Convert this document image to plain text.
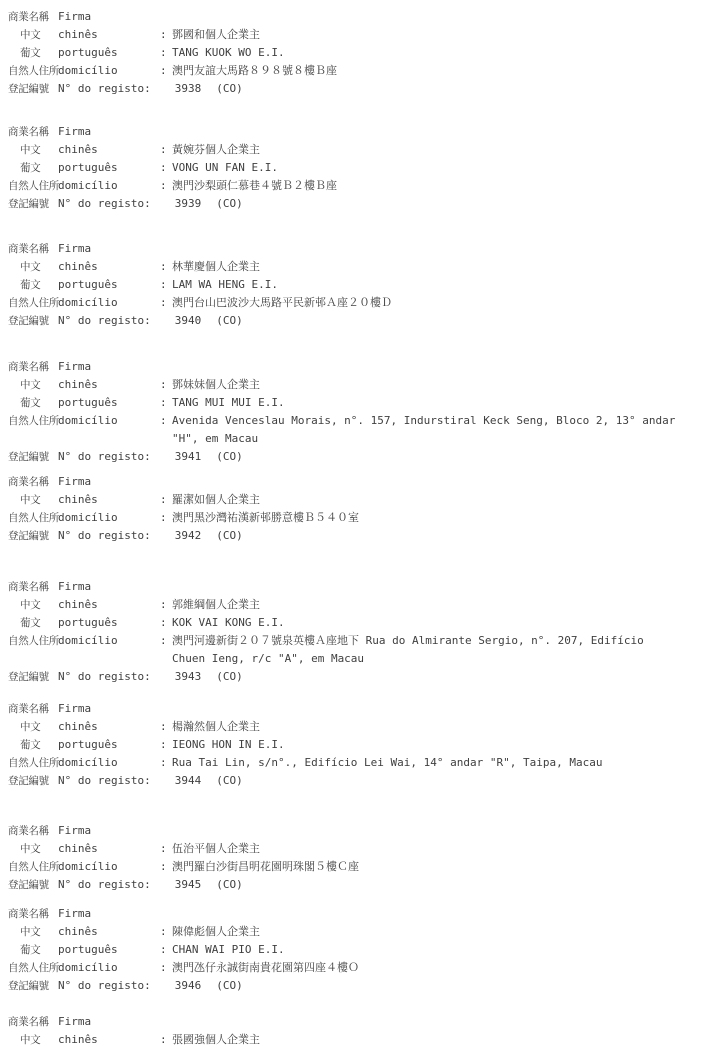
商業名稱 Firma
中文	chinês	: 鄧國和個人企業主
葡文	português	: TANG KUOK WO E.I.
自然人住所 domicílio	: 澳門友誼大馬路８９８號８樓Ｂ座
登記編號 N° do registo: 3938 (CO)
商業名稱 Firma
中文	chinês	: 黃婉芬個人企業主
葡文	português	: VONG UN FAN E.I.
自然人住所 domicílio	: 澳門沙梨頭仁慕巷４號Ｂ２樓Ｂ座
登記編號 N° do registo: 3939 (CO)
商業名稱 Firma
中文	chinês	: 林華慶個人企業主
葡文	português	: LAM WA HENG E.I.
自然人住所 domicílio	: 澳門台山巴波沙大馬路平民新邨Ａ座２０樓Ｄ
登記編號 N° do registo: 3940 (CO)
商業名稱 Firma
中文	chinês	: 鄧妹妹個人企業主
葡文	português	: TANG MUI MUI E.I.
自然人住所 domicílio	: Avenida Venceslau Morais, n°. 157, Indurstiral Keck Seng, Bloco 2, 13° andar
"H", em Macau
登記編號 N° do registo: 3941 (CO)
商業名稱 Firma
中文	chinês	: 羅潔如個人企業主
自然人住所 domicílio	: 澳門黑沙灣祐漢新邨勝意樓Ｂ５４０室
登記編號 N° do registo: 3942 (CO)
商業名稱 Firma
中文	chinês	: 郭維綱個人企業主
葡文	português	: KOK VAI KONG E.I.
自然人住所 domicílio	: 澳門河邊新街２０７號泉英樓Ａ座地下 Rua do Almirante Sergio, n°. 207, Edifício
Chuen Ieng, r/c "A", em Macau
登記編號 N° do registo: 3943 (CO)
商業名稱 Firma
中文	chinês	: 楊瀚然個人企業主
葡文	português	: IEONG HON IN E.I.
自然人住所 domicílio	: Rua Tai Lin, s/n°., Edifício Lei Wai, 14° andar "R", Taipa, Macau
登記編號 N° do registo: 3944 (CO)
商業名稱 Firma
中文	chinês	: 伍治平個人企業主
自然人住所 domicílio	: 澳門羅白沙街昌明花園明珠閣５樓Ｃ座
登記編號 N° do registo: 3945 (CO)
商業名稱 Firma
中文	chinês	: 陳偉彪個人企業主
葡文	português	: CHAN WAI PIO E.I.
自然人住所 domicílio	: 澳門氹仔永誠街南貴花園第四座４樓Ｏ
登記編號 N° do registo: 3946 (CO)
商業名稱 Firma
中文	chinês	: 張國強個人企業主
